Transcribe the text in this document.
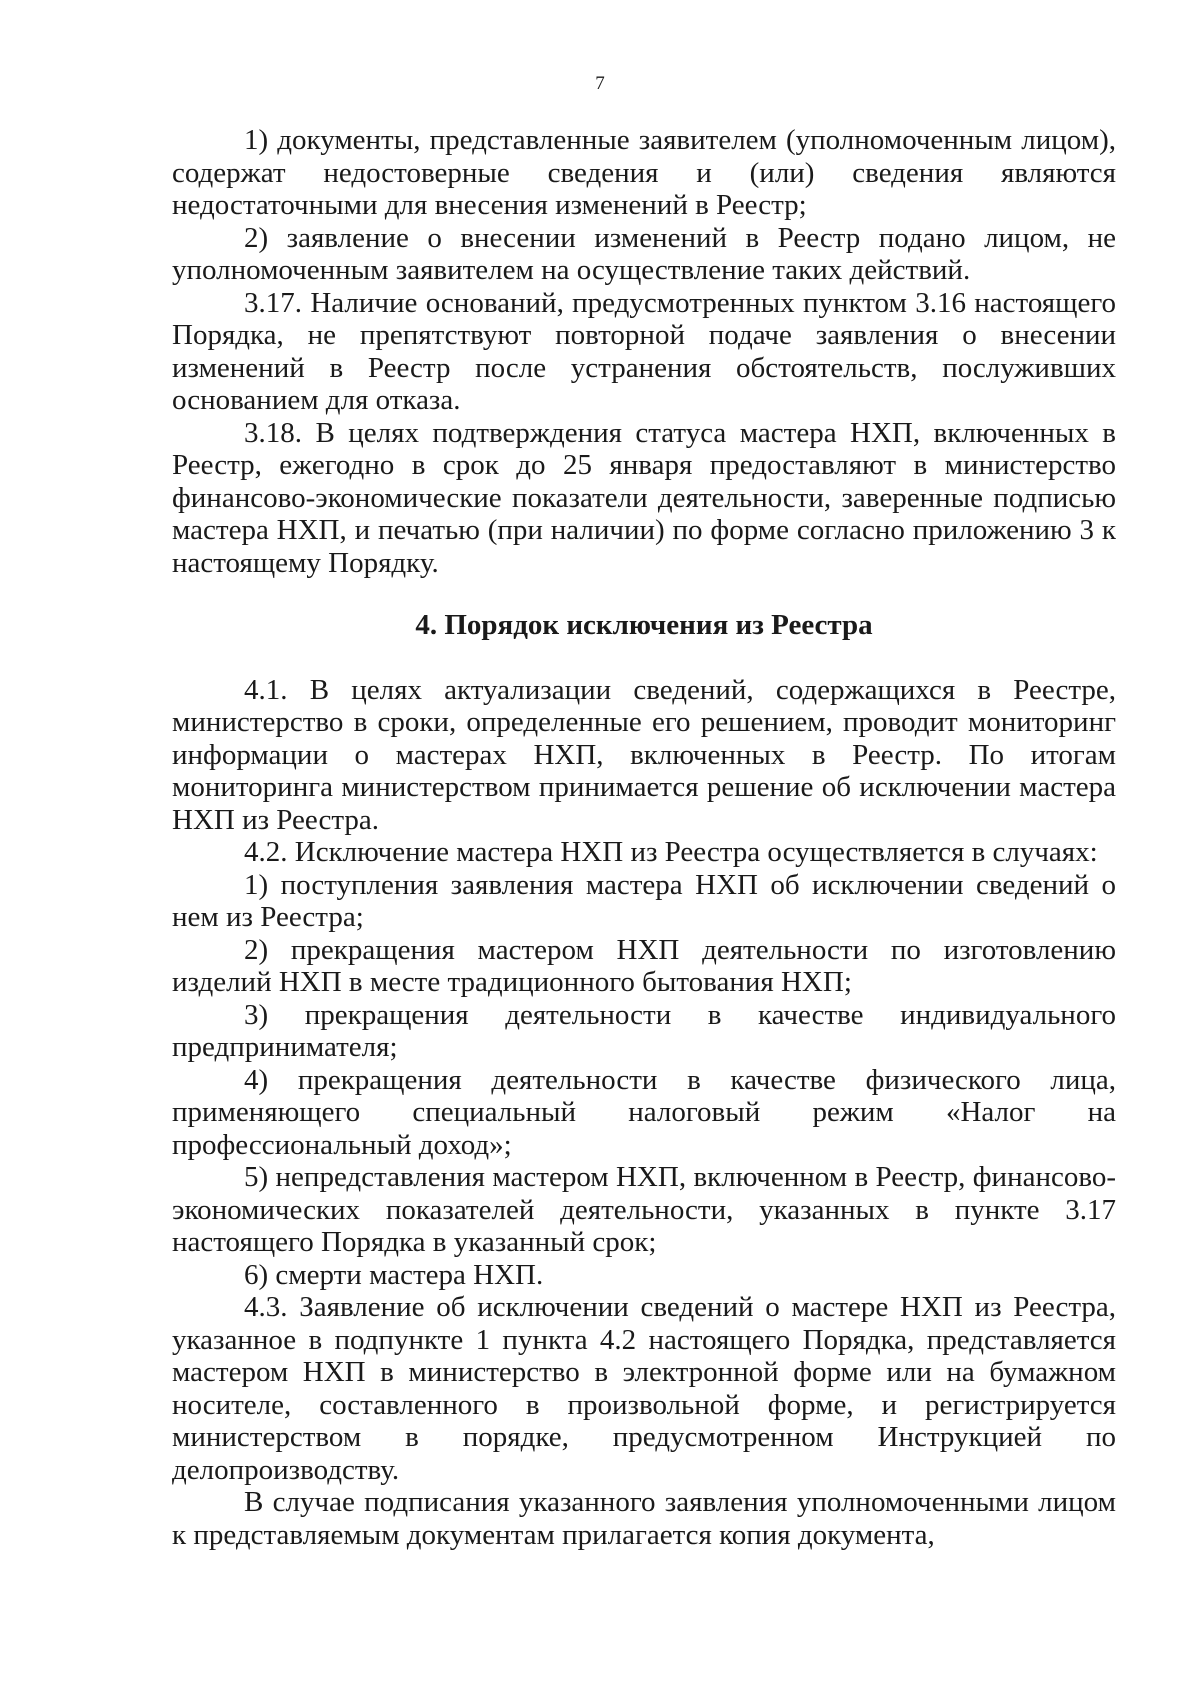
7

1) документы, представленные заявителем (уполномоченным лицом), содержат недостоверные сведения и (или) сведения являются недостаточными для внесения изменений в Реестр;

2) заявление о внесении изменений в Реестр подано лицом, не уполномоченным заявителем на осуществление таких действий.

3.17. Наличие оснований, предусмотренных пунктом 3.16 настоящего Порядка, не препятствуют повторной подаче заявления о внесении изменений в Реестр после устранения обстоятельств, послуживших основанием для отказа.

3.18. В целях подтверждения статуса мастера НХП, включенных в Реестр, ежегодно в срок до 25 января предоставляют в министерство финансово-экономические показатели деятельности, заверенные подписью мастера НХП, и печатью (при наличии) по форме согласно приложению 3 к настоящему Порядку.

4. Порядок исключения из Реестра

4.1. В целях актуализации сведений, содержащихся в Реестре, министерство в сроки, определенные его решением, проводит мониторинг информации о мастерах НХП, включенных в Реестр. По итогам мониторинга министерством принимается решение об исключении мастера НХП из Реестра.

4.2. Исключение мастера НХП из Реестра осуществляется в случаях:

1) поступления заявления мастера НХП об исключении сведений о нем из Реестра;

2) прекращения мастером НХП деятельности по изготовлению изделий НХП в месте традиционного бытования НХП;

3) прекращения деятельности в качестве индивидуального предпринимателя;

4) прекращения деятельности в качестве физического лица, применяющего специальный налоговый режим «Налог на профессиональный доход»;

5) непредставления мастером НХП, включенном в Реестр, финансово-экономических показателей деятельности, указанных в пункте 3.17 настоящего Порядка в указанный срок;

6) смерти мастера НХП.

4.3. Заявление об исключении сведений о мастере НХП из Реестра, указанное в подпункте 1 пункта 4.2 настоящего Порядка, представляется мастером НХП в министерство в электронной форме или на бумажном носителе, составленного в произвольной форме, и регистрируется министерством в порядке, предусмотренном Инструкцией по делопроизводству.

В случае подписания указанного заявления уполномоченными лицом к представляемым документам прилагается копия документа,
